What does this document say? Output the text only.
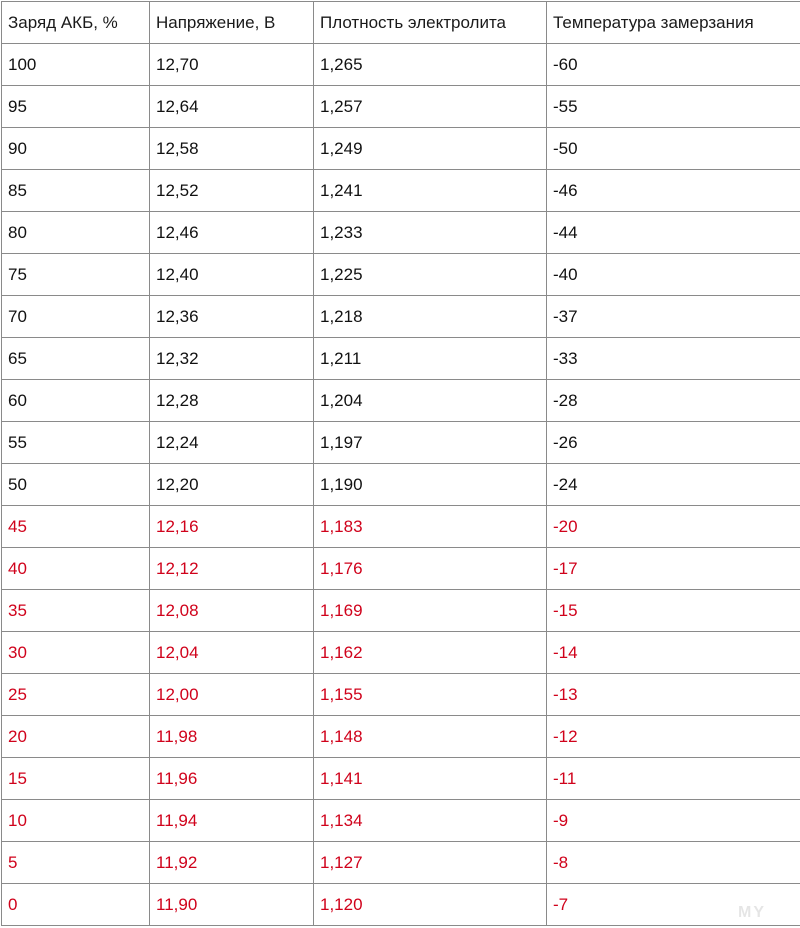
Заряд АКБ, %	Напряжение, В	Плотность электролита	Температура замерзания
100	12,70	1,265	-60
95	12,64	1,257	-55
90	12,58	1,249	-50
85	12,52	1,241	-46
80	12,46	1,233	-44
75	12,40	1,225	-40
70	12,36	1,218	-37
65	12,32	1,211	-33
60	12,28	1,204	-28
55	12,24	1,197	-26
50	12,20	1,190	-24
45	12,16	1,183	-20
40	12,12	1,176	-17
35	12,08	1,169	-15
30	12,04	1,162	-14
25	12,00	1,155	-13
20	11,98	1,148	-12
15	11,96	1,141	-11
10	11,94	1,134	-9
5	11,92	1,127	-8
0	11,90	1,120	-7	MY
